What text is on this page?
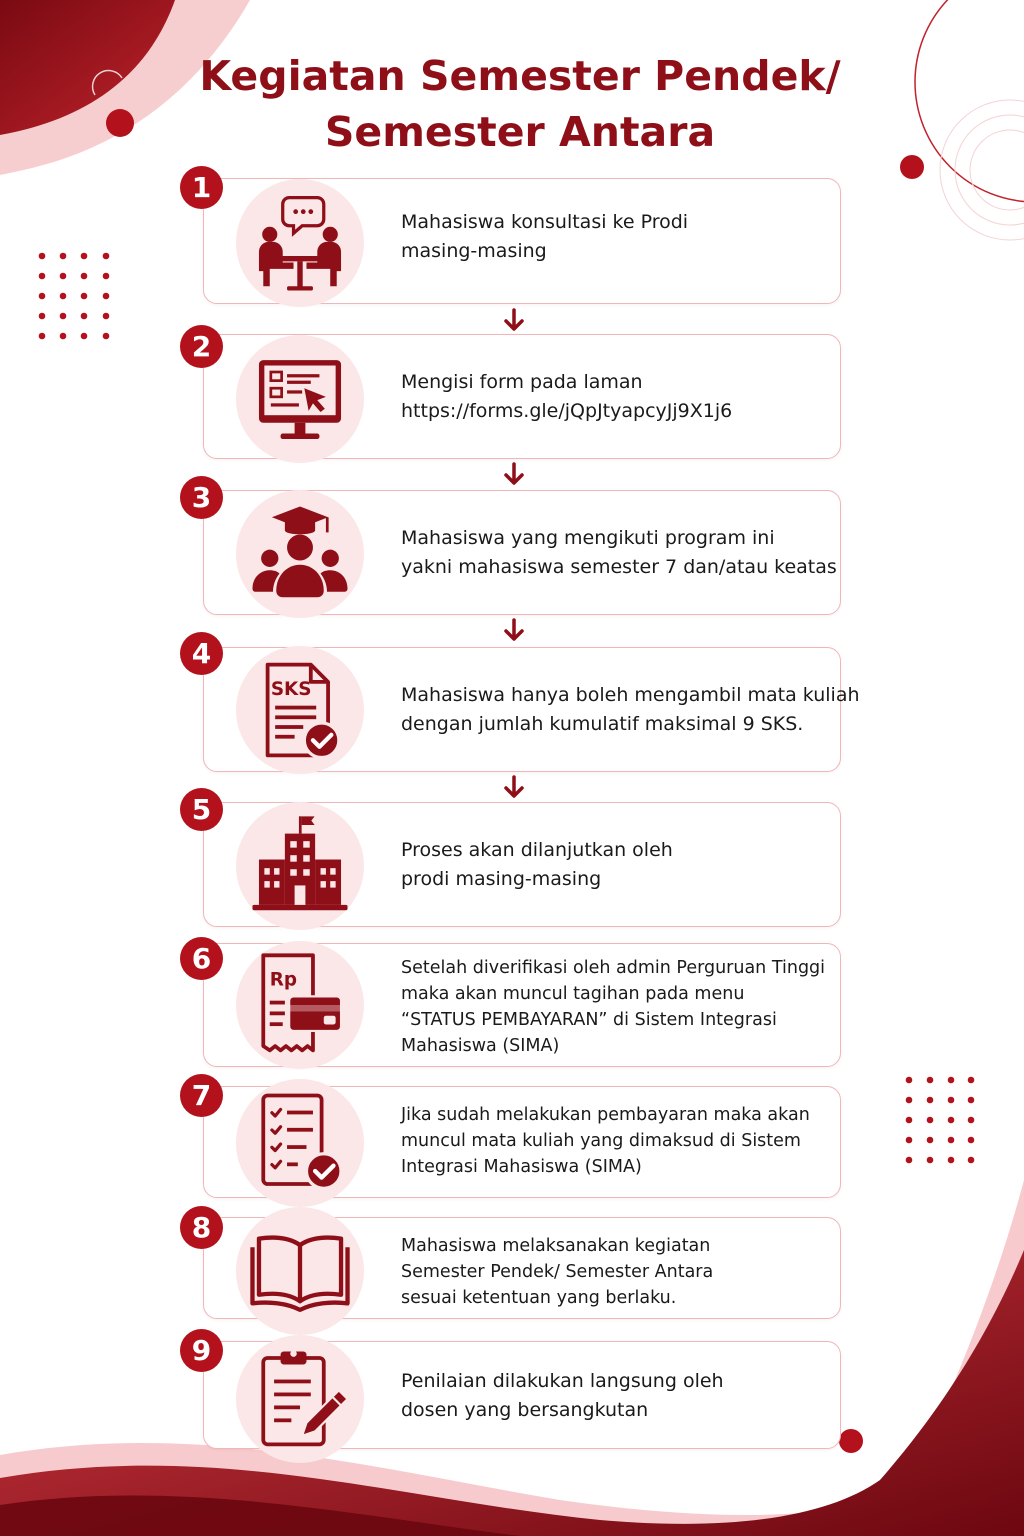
Kegiatan Semester Pendek/
Semester Antara
1
Mahasiswa konsultasi ke Prodi
masing-masing
2
Mengisi form pada laman
https://forms.gle/jQpJtyapcyJj9X1j6
3
Mahasiswa yang mengikuti program ini
yakni mahasiswa semester 7 dan/atau keatas
4
SKS	Mahasiswa hanya boleh mengambil mata kuliah
dengan jumlah kumulatif maksimal 9 SKS.
5
Proses akan dilanjutkan oleh
prodi masing-masing
6
Rp
Setelah diverifikasi oleh admin Perguruan Tinggi
maka akan muncul tagihan pada menu
“STATUS PEMBAYARAN” di Sistem Integrasi
Mahasiswa (SIMA)
7
Jika sudah melakukan pembayaran maka akan
muncul mata kuliah yang dimaksud di Sistem
Integrasi Mahasiswa (SIMA)
8
Mahasiswa melaksanakan kegiatan
Semester Pendek/ Semester Antara
sesuai ketentuan yang berlaku.
9
Penilaian dilakukan langsung oleh
dosen yang bersangkutan
